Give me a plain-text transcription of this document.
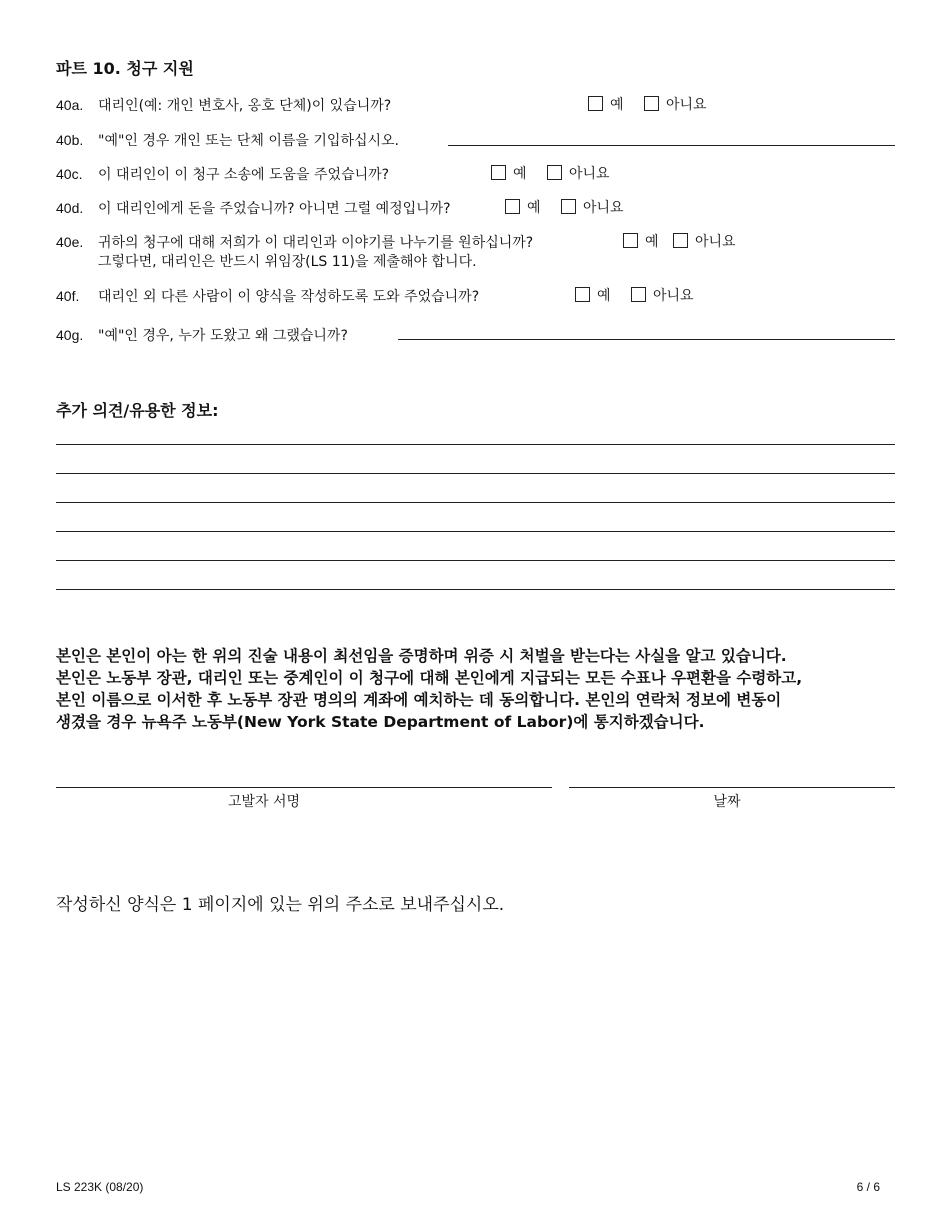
파트 10. 청구 지원
40a. 대리인(예: 개인 변호사, 옹호 단체)이 있습니까?	예	아니요
40b. "예"인 경우 개인 또는 단체 이름을 기입하십시오.
40c. 이 대리인이 이 청구 소송에 도움을 주었습니까?	예	아니요
40d. 이 대리인에게 돈을 주었습니까? 아니면 그럴 예정입니까?	예	아니요
40e. 귀하의 청구에 대해 저희가 이 대리인과 이야기를 나누기를 원하십니까?
그렇다면, 대리인은 반드시 위임장(LS 11)을 제출해야 합니다.
예	아니요
40f. 대리인 외 다른 사람이 이 양식을 작성하도록 도와 주었습니까?	예	아니요
40g. "예"인 경우, 누가 도왔고 왜 그랬습니까?
추가 의견/유용한 정보:
본인은 본인이 아는 한 위의 진술 내용이 최선임을 증명하며 위증 시 처벌을 받는다는 사실을 알고 있습니다.
본인은 노동부 장관, 대리인 또는 중계인이 이 청구에 대해 본인에게 지급되는 모든 수표나 우편환을 수령하고,
본인 이름으로 이서한 후 노동부 장관 명의의 계좌에 예치하는 데 동의합니다. 본인의 연락처 정보에 변동이
생겼을 경우 뉴욕주 노동부(New York State Department of Labor)에 통지하겠습니다.
고발자 서명	날짜
작성하신 양식은 1 페이지에 있는 위의 주소로 보내주십시오.
LS 223K (08/20)	6 / 6
